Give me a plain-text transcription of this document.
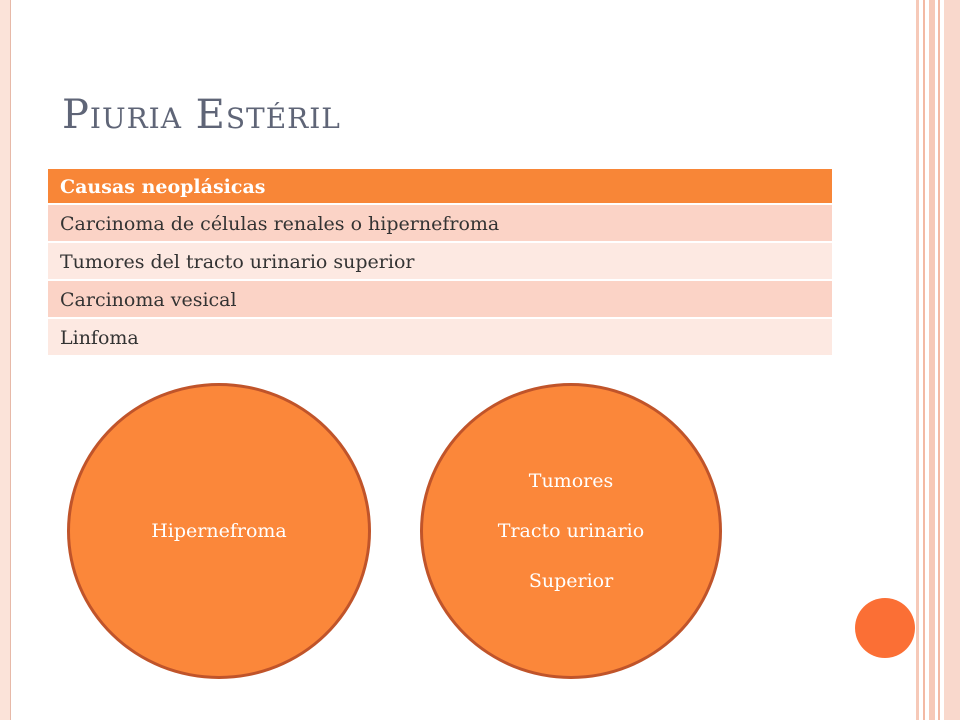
Piuria Estéril
Causas neoplásicas
Carcinoma de células renales o hipernefroma
Tumores del tracto urinario superior
Carcinoma vesical
Linfoma
Hipernefroma
Tumores
Tracto urinario
Superior
